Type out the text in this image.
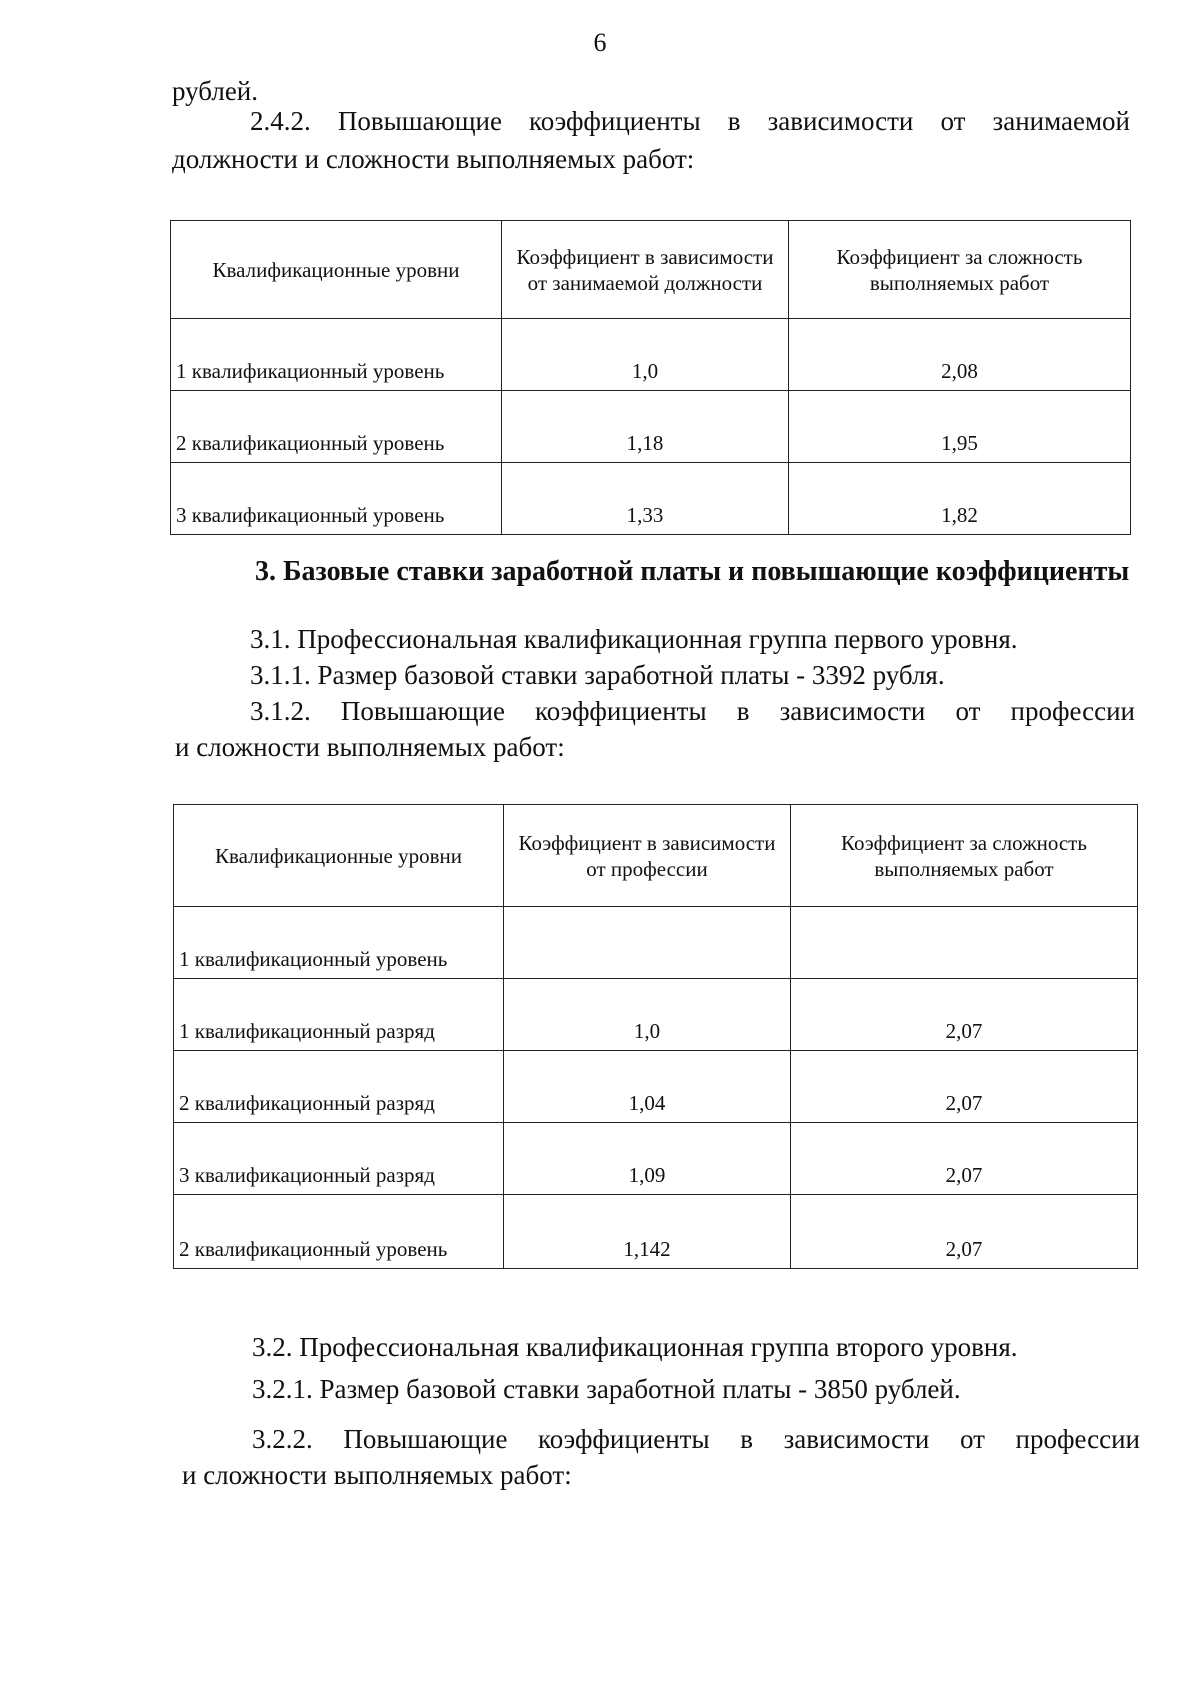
6
рублей.
2.4.2. Повышающие коэффициенты в зависимости от занимаемой
должности и сложности выполняемых работ:
Квалификационные уровни	Коэффициент в зависимости от занимаемой должности	Коэффициент за сложность выполняемых работ
1 квалификационный уровень	1,0	2,08
2 квалификационный уровень	1,18	1,95
3 квалификационный уровень	1,33	1,82
3. Базовые ставки заработной платы и повышающие коэффициенты
3.1. Профессиональная квалификационная группа первого уровня.
3.1.1. Размер базовой ставки заработной платы - 3392 рубля.
3.1.2. Повышающие коэффициенты в зависимости от профессии
и сложности выполняемых работ:
Квалификационные уровни	Коэффициент в зависимости от профессии	Коэффициент за сложность выполняемых работ
1 квалификационный уровень		
1 квалификационный разряд	1,0	2,07
2 квалификационный разряд	1,04	2,07
3 квалификационный разряд	1,09	2,07
2 квалификационный уровень	1,142	2,07
3.2. Профессиональная квалификационная группа второго уровня.
3.2.1. Размер базовой ставки заработной платы - 3850 рублей.
3.2.2. Повышающие коэффициенты в зависимости от профессии
и сложности выполняемых работ:
